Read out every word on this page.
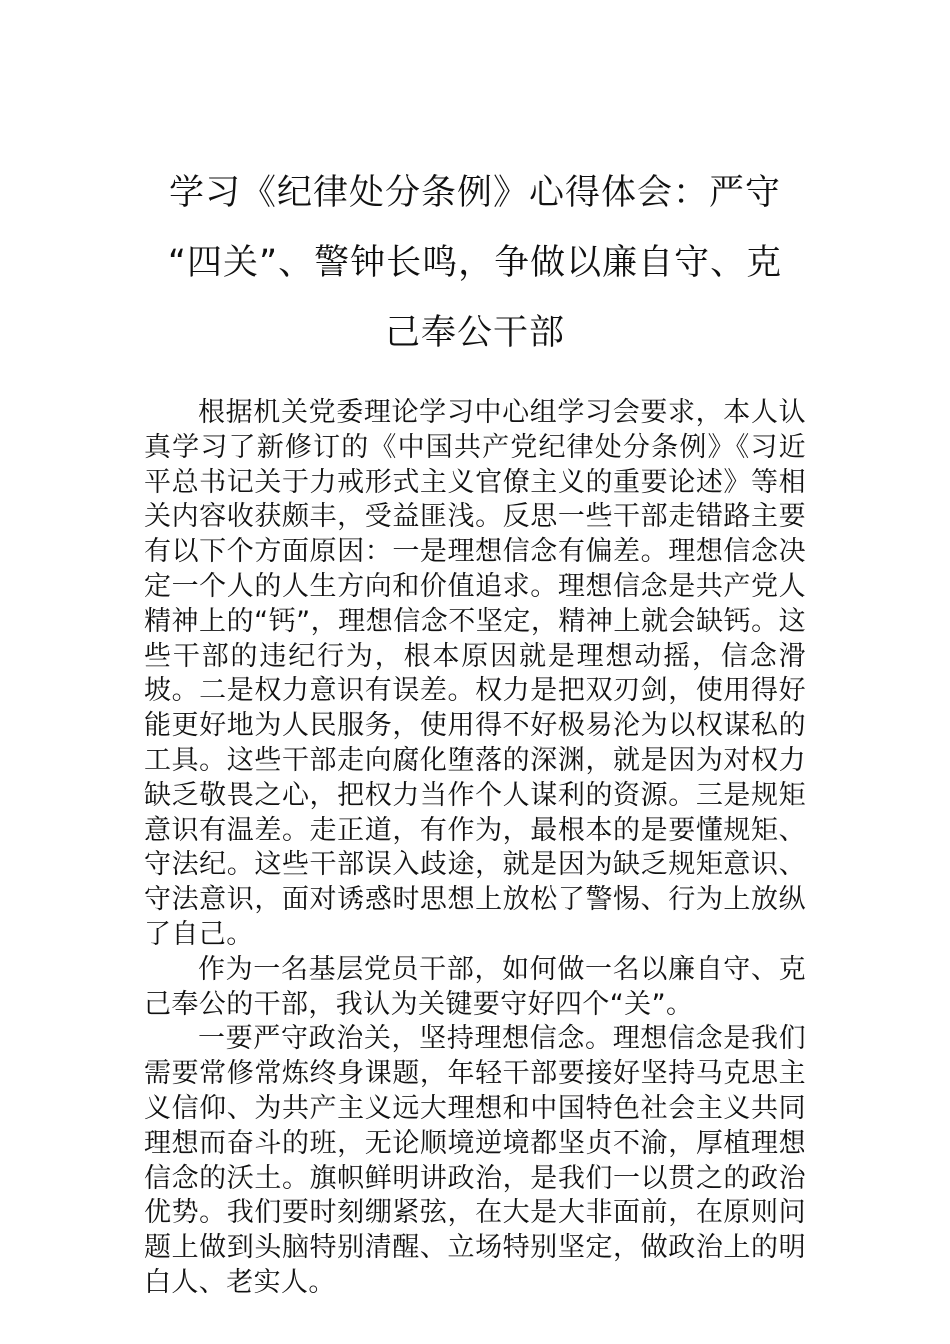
学习《纪律处分条例》心得体会：严守
“四关”、警钟长鸣，争做以廉自守、克
己奉公干部

根据机关党委理论学习中心组学习会要求，本人认真学习了新修订的《中国共产党纪律处分条例》《习近平总书记关于力戒形式主义官僚主义的重要论述》等相关内容收获颇丰，受益匪浅。反思一些干部走错路主要有以下个方面原因：一是理想信念有偏差。理想信念决定一个人的人生方向和价值追求。理想信念是共产党人精神上的“钙”，理想信念不坚定，精神上就会缺钙。这些干部的违纪行为，根本原因就是理想动摇，信念滑坡。二是权力意识有误差。权力是把双刃剑，使用得好能更好地为人民服务，使用得不好极易沦为以权谋私的工具。这些干部走向腐化堕落的深渊，就是因为对权力缺乏敬畏之心，把权力当作个人谋利的资源。三是规矩意识有温差。走正道，有作为，最根本的是要懂规矩、守法纪。这些干部误入歧途，就是因为缺乏规矩意识、守法意识，面对诱惑时思想上放松了警惕、行为上放纵了自己。

作为一名基层党员干部，如何做一名以廉自守、克己奉公的干部，我认为关键要守好四个“关”。

一要严守政治关，坚持理想信念。理想信念是我们需要常修常炼终身课题，年轻干部要接好坚持马克思主义信仰、为共产主义远大理想和中国特色社会主义共同理想而奋斗的班，无论顺境逆境都坚贞不渝，厚植理想信念的沃土。旗帜鲜明讲政治，是我们一以贯之的政治优势。我们要时刻绷紧弦，在大是大非面前，在原则问题上做到头脑特别清醒、立场特别坚定，做政治上的明白人、老实人。
